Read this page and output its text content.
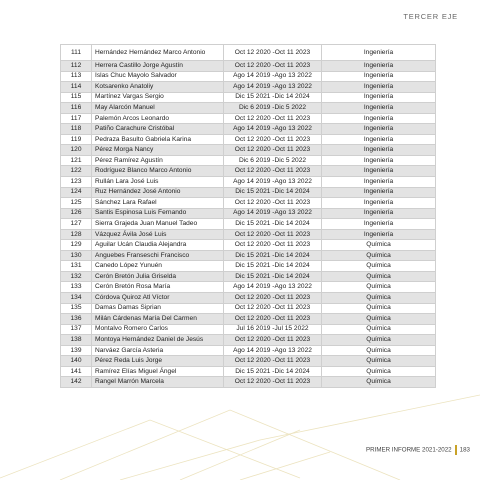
TERCER EJE
111	Hernández Hernández Marco Antonio	Oct 12 2020 -Oct 11 2023	Ingeniería
112	Herrera Castillo Jorge Agustín	Oct 12 2020 -Oct 11 2023	Ingeniería
113	Islas Chuc Mayolo Salvador	Ago 14 2019 -Ago 13 2022	Ingeniería
114	Kotsarenko Anatoliy	Ago 14 2019 -Ago 13 2022	Ingeniería
115	Martínez Vargas Sergio	Dic 15 2021 -Dic 14 2024	Ingeniería
116	May Alarcón Manuel	Dic 6 2019 -Dic 5 2022	Ingeniería
117	Palemón Arcos Leonardo	Oct 12 2020 -Oct 11 2023	Ingeniería
118	Patiño Carachure Cristóbal	Ago 14 2019 -Ago 13 2022	Ingeniería
119	Pedraza Basulto Gabriela Karina	Oct 12 2020 -Oct 11 2023	Ingeniería
120	Pérez Morga Nancy	Oct 12 2020 -Oct 11 2023	Ingeniería
121	Pérez Ramírez Agustín	Dic 6 2019 -Dic 5 2022	Ingeniería
122	Rodríguez Blanco Marco Antonio	Oct 12 2020 -Oct 11 2023	Ingeniería
123	Rullán Lara José Luis	Ago 14 2019 -Ago 13 2022	Ingeniería
124	Ruz Hernández José Antonio	Dic 15 2021 -Dic 14 2024	Ingeniería
125	Sánchez Lara Rafael	Oct 12 2020 -Oct 11 2023	Ingeniería
126	Santis Espinosa Luis Fernando	Ago 14 2019 -Ago 13 2022	Ingeniería
127	Sierra Grajeda Juan Manuel Tadeo	Dic 15 2021 -Dic 14 2024	Ingeniería
128	Vázquez Ávila José Luis	Oct 12 2020 -Oct 11 2023	Ingeniería
129	Aguilar Ucán Claudia Alejandra	Oct 12 2020 -Oct 11 2023	Química
130	Anguebes Franseschi Francisco	Dic 15 2021 -Dic 14 2024	Química
131	Canedo López Yunuén	Dic 15 2021 -Dic 14 2024	Química
132	Cerón Bretón Julia Griselda	Dic 15 2021 -Dic 14 2024	Química
133	Cerón Bretón Rosa María	Ago 14 2019 -Ago 13 2022	Química
134	Córdova Quiroz Atl Víctor	Oct 12 2020 -Oct 11 2023	Química
135	Damas Damas Siprian	Oct 12 2020 -Oct 11 2023	Química
136	Milán Cárdenas María Del Carmen	Oct 12 2020 -Oct 11 2023	Química
137	Montalvo Romero Carlos	Jul 16 2019 -Jul 15 2022	Química
138	Montoya Hernández Daniel de Jesús	Oct 12 2020 -Oct 11 2023	Química
139	Narváez García Asteria	Ago 14 2019 -Ago 13 2022	Química
140	Pérez Reda Luis Jorge	Oct 12 2020 -Oct 11 2023	Química
141	Ramírez Elías Miguel Ángel	Dic 15 2021 -Dic 14 2024	Química
142	Rangel Marrón Marcela	Oct 12 2020 -Oct 11 2023	Química
PRIMER INFORME 2021-2022 183
